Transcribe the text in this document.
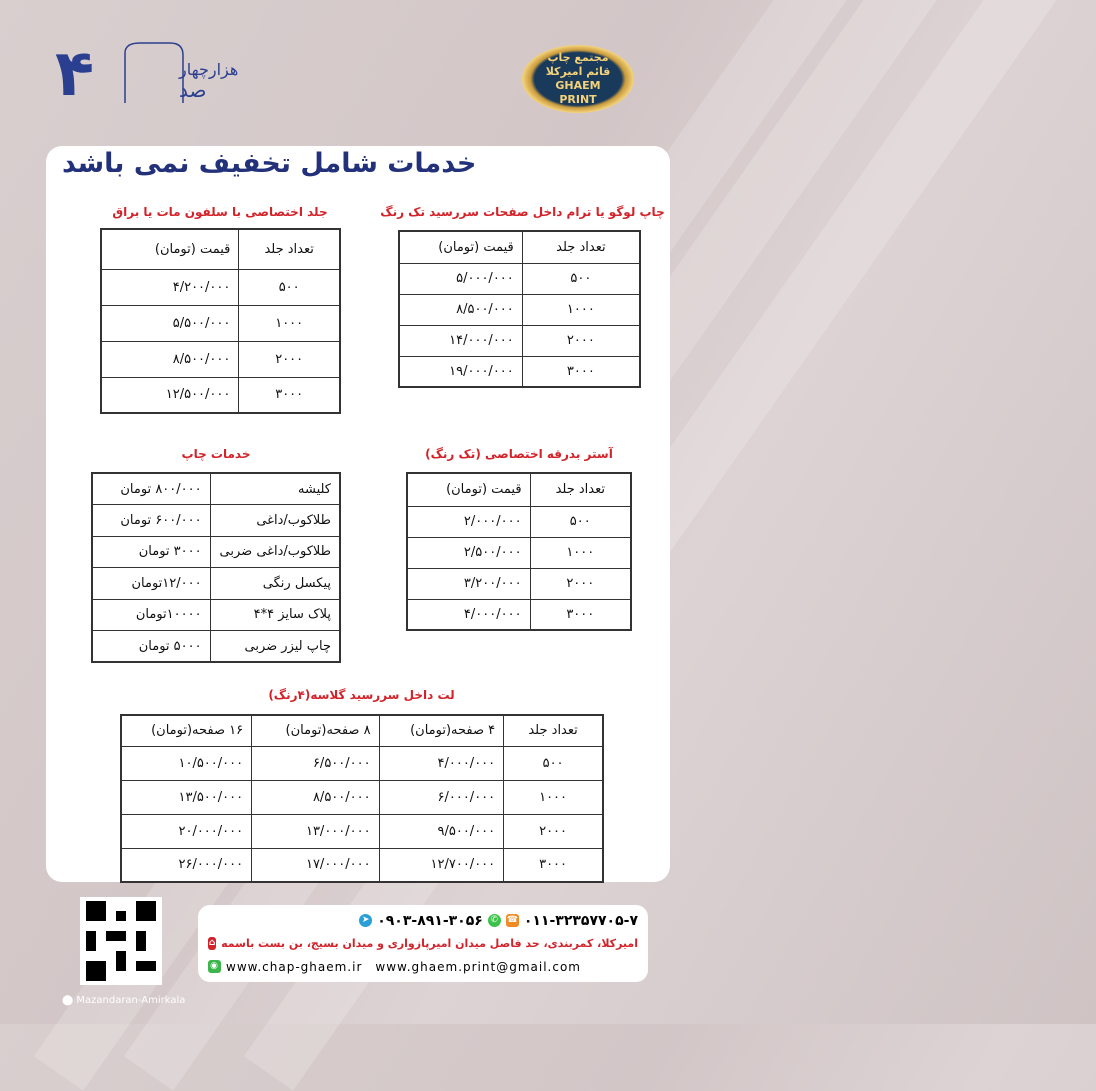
۴	هزارچهار
صد
مجتمع چاپ قائم امیرکلا GHAEM PRINT
خدمات شامل تخفیف نمی باشد
چاپ لوگو یا ترام داخل صفحات سررسید تک رنگ
تعداد جلد	قیمت (تومان)
۵۰۰	۵/۰۰۰/۰۰۰
۱۰۰۰	۸/۵۰۰/۰۰۰
۲۰۰۰	۱۴/۰۰۰/۰۰۰
۳۰۰۰	۱۹/۰۰۰/۰۰۰
جلد اختصاصی با سلفون مات یا براق
تعداد جلد	قیمت (تومان)
۵۰۰	۴/۲۰۰/۰۰۰
۱۰۰۰	۵/۵۰۰/۰۰۰
۲۰۰۰	۸/۵۰۰/۰۰۰
۳۰۰۰	۱۲/۵۰۰/۰۰۰
آستر بدرقه اختصاصی (تک رنگ)
تعداد جلد	قیمت (تومان)
۵۰۰	۲/۰۰۰/۰۰۰
۱۰۰۰	۲/۵۰۰/۰۰۰
۲۰۰۰	۳/۲۰۰/۰۰۰
۳۰۰۰	۴/۰۰۰/۰۰۰
خدمات چاپ
کلیشه	۸۰۰/۰۰۰ تومان
طلاکوب/داغی	۶۰۰/۰۰۰ تومان
طلاکوب/داغی ضربی	۳۰۰۰ تومان
پیکسل رنگی	۱۲/۰۰۰تومان
پلاک سایز ۴*۴	۱۰۰۰۰تومان
چاپ لیزر ضربی	۵۰۰۰ تومان
لت داخل سررسید گلاسه(۴رنگ)
تعداد جلد	۴ صفحه(تومان)	۸ صفحه(تومان)	۱۶ صفحه(تومان)
۵۰۰	۴/۰۰۰/۰۰۰	۶/۵۰۰/۰۰۰	۱۰/۵۰۰/۰۰۰
۱۰۰۰	۶/۰۰۰/۰۰۰	۸/۵۰۰/۰۰۰	۱۳/۵۰۰/۰۰۰
۲۰۰۰	۹/۵۰۰/۰۰۰	۱۳/۰۰۰/۰۰۰	۲۰/۰۰۰/۰۰۰
۳۰۰۰	۱۲/۷۰۰/۰۰۰	۱۷/۰۰۰/۰۰۰	۲۶/۰۰۰/۰۰۰
۰۱۱-۳۲۳۵۷۷۰۵-۷
☎
✆
۰۹۰۳-۸۹۱-۳۰۵۶
➤
امیرکلا، کمربندی، حد فاصل میدان امیرپازواری و میدان بسیج، بن بست باسمه
⌂
◉ www.chap-ghaem.ir www.ghaem.print@gmail.com
⬤ Mazandaran-Amirkala
